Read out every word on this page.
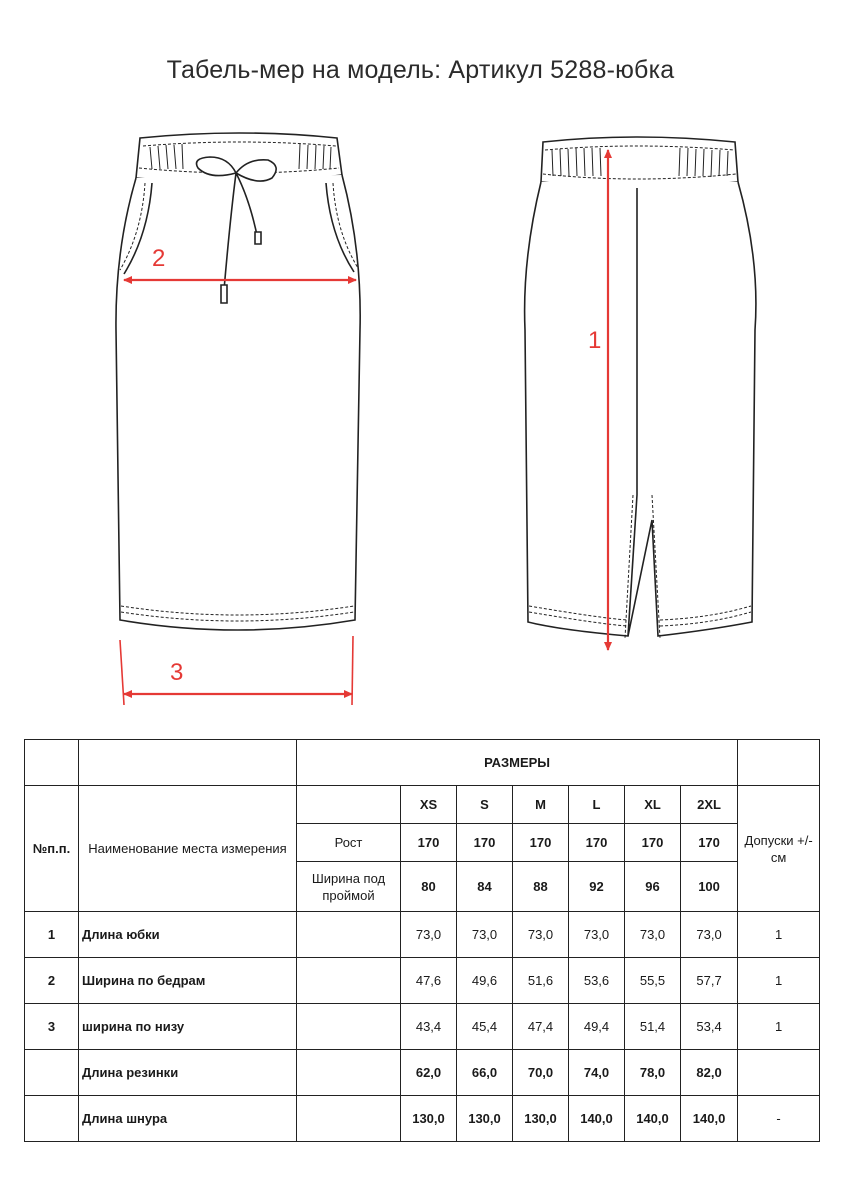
Табель-мер на модель: Артикул 5288-юбка
2
3
1
		РАЗМЕРЫ							
№п.п.	Наименование места измерения		XS	S	M	L	XL	2XL	Допуски +/- см
		Рост	170	170	170	170	170	170	
		Ширина под проймой	80	84	88	92	96	100	
1	Длина юбки		73,0	73,0	73,0	73,0	73,0	73,0	1
2	Ширина по бедрам		47,6	49,6	51,6	53,6	55,5	57,7	1
3	ширина по низу		43,4	45,4	47,4	49,4	51,4	53,4	1
	Длина резинки		62,0	66,0	70,0	74,0	78,0	82,0	
	Длина шнура		130,0	130,0	130,0	140,0	140,0	140,0	-
